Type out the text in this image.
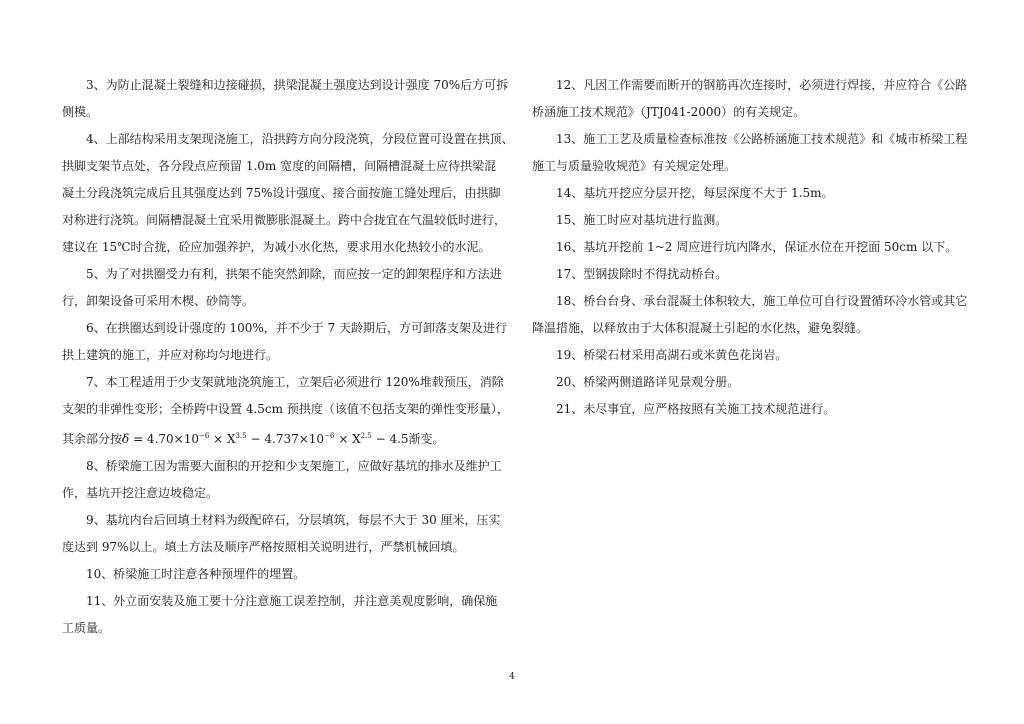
3、为防止混凝土裂缝和边接碰损，拱梁混凝土强度达到设计强度 70%后方可拆
侧模。

4、上部结构采用支架现浇施工，沿拱跨方向分段浇筑，分段位置可设置在拱顶、
拱脚支架节点处，各分段点应预留 1.0m 宽度的间隔槽，间隔槽混凝土应待拱梁混
凝土分段浇筑完成后且其强度达到 75%设计强度、接合面按施工缝处理后，由拱脚
对称进行浇筑。间隔槽混凝土宜采用微膨胀混凝土。跨中合拢宜在气温较低时进行，
建议在 15℃时合拢，砼应加强养护，为减小水化热，要求用水化热较小的水泥。

5、为了对拱圈受力有利，拱架不能突然卸除，而应按一定的卸架程序和方法进
行，卸架设备可采用木楔、砂筒等。

6、在拱圈达到设计强度的 100%，并不少于 7 天龄期后，方可卸落支架及进行
拱上建筑的施工，并应对称均匀地进行。

7、本工程适用于少支架就地浇筑施工，立架后必须进行 120%堆载预压，消除
支架的非弹性变形；全桥跨中设置 4.5cm 预拱度（该值不包括支架的弹性变形量），
其余部分按$\delta = 4.70\times 10^{-6} \times X^{3.5} - 4.737\times 10^{-6} \times X^{2.5} - 4.5$渐变。

8、桥梁施工因为需要大面积的开挖和少支架施工，应做好基坑的排水及维护工
作，基坑开挖注意边坡稳定。

9、基坑内台后回填土材料为级配碎石，分层填筑，每层不大于 30 厘米，压实
度达到 97%以上。填土方法及顺序严格按照相关说明进行，严禁机械回填。

10、桥梁施工时注意各种预埋件的埋置。

11、外立面安装及施工要十分注意施工误差控制，并注意美观度影响，确保施
工质量。

12、凡因工作需要而断开的钢筋再次连接时，必须进行焊接，并应符合《公路
桥涵施工技术规范》（JTJ041-2000）的有关规定。

13、施工工艺及质量检查标准按《公路桥涵施工技术规范》和《城市桥梁工程
施工与质量验收规范》有关规定处理。

14、基坑开挖应分层开挖，每层深度不大于 1.5m。

15、施工时应对基坑进行监测。

16、基坑开挖前 1~2 周应进行坑内降水，保证水位在开挖面 50cm 以下。

17、型钢拔除时不得扰动桥台。

18、桥台台身、承台混凝土体积较大，施工单位可自行设置循环冷水管或其它
降温措施，以释放由于大体积混凝土引起的水化热，避免裂缝。

19、桥梁石材采用高湖石或米黄色花岗岩。

20、桥梁两侧道路详见景观分册。

21、未尽事宜，应严格按照有关施工技术规范进行。

4
